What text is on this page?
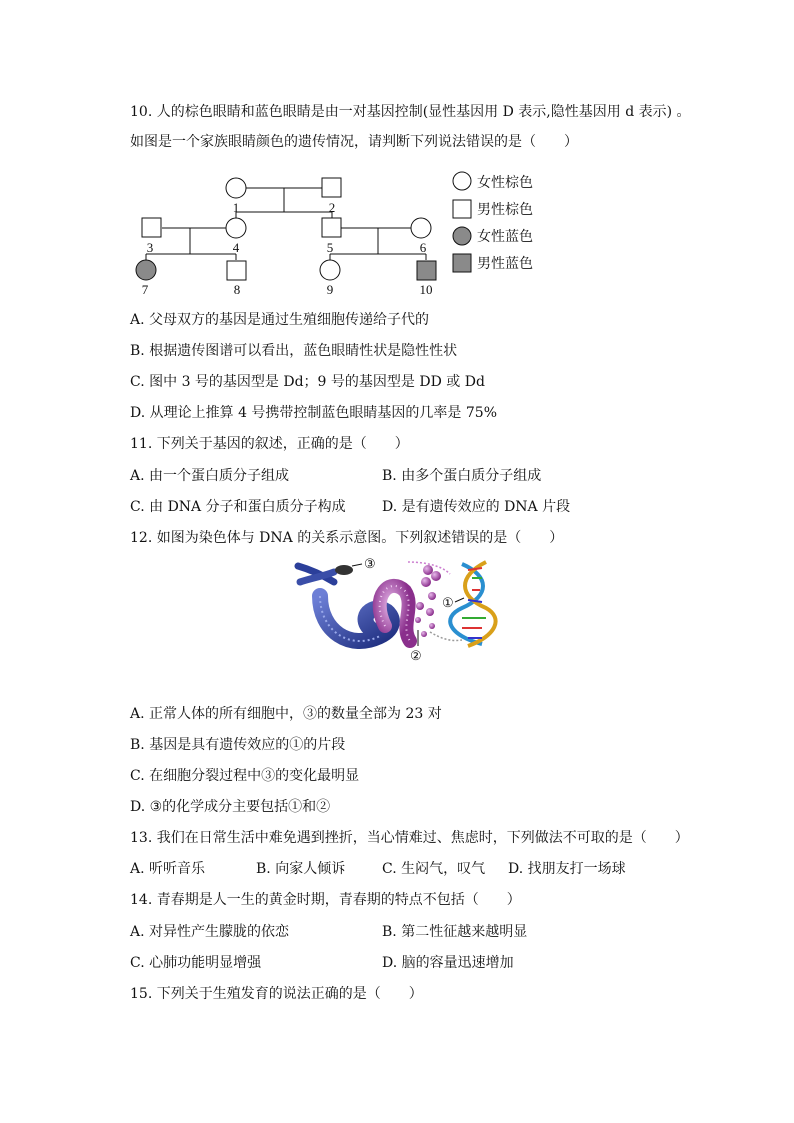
10. 人的棕色眼睛和蓝色眼睛是由一对基因控制(显性基因用 D 表示,隐性基因用 d 表示) 。
如图是一个家族眼睛颜色的遗传情况，请判断下列说法错误的是（　　）
1	2
3	4	5	6
7	8	9	10
女性棕色
男性棕色
女性蓝色
男性蓝色
A. 父母双方的基因是通过生殖细胞传递给子代的
B. 根据遗传图谱可以看出，蓝色眼睛性状是隐性性状
C. 图中 3 号的基因型是 Dd；9 号的基因型是 DD 或 Dd
D. 从理论上推算 4 号携带控制蓝色眼睛基因的几率是 75%
11. 下列关于基因的叙述，正确的是（　　）
A. 由一个蛋白质分子组成	B. 由多个蛋白质分子组成
C. 由 DNA 分子和蛋白质分子构成	D. 是有遗传效应的 DNA 片段
12. 如图为染色体与 DNA 的关系示意图。下列叙述错误的是（　　）
③
①
②
A. 正常人体的所有细胞中，③的数量全部为 23 对
B. 基因是具有遗传效应的①的片段
C. 在细胞分裂过程中③的变化最明显
D. ③的化学成分主要包括①和②
13. 我们在日常生活中难免遇到挫折，当心情难过、焦虑时，下列做法不可取的是（　　）
A. 听听音乐	B. 向家人倾诉	C. 生闷气，叹气 D. 找朋友打一场球
14. 青春期是人一生的黄金时期，青春期的特点不包括（　　）
A. 对异性产生朦胧的依恋	B. 第二性征越来越明显
C. 心肺功能明显增强	D. 脑的容量迅速增加
15. 下列关于生殖发育的说法正确的是（　　）
